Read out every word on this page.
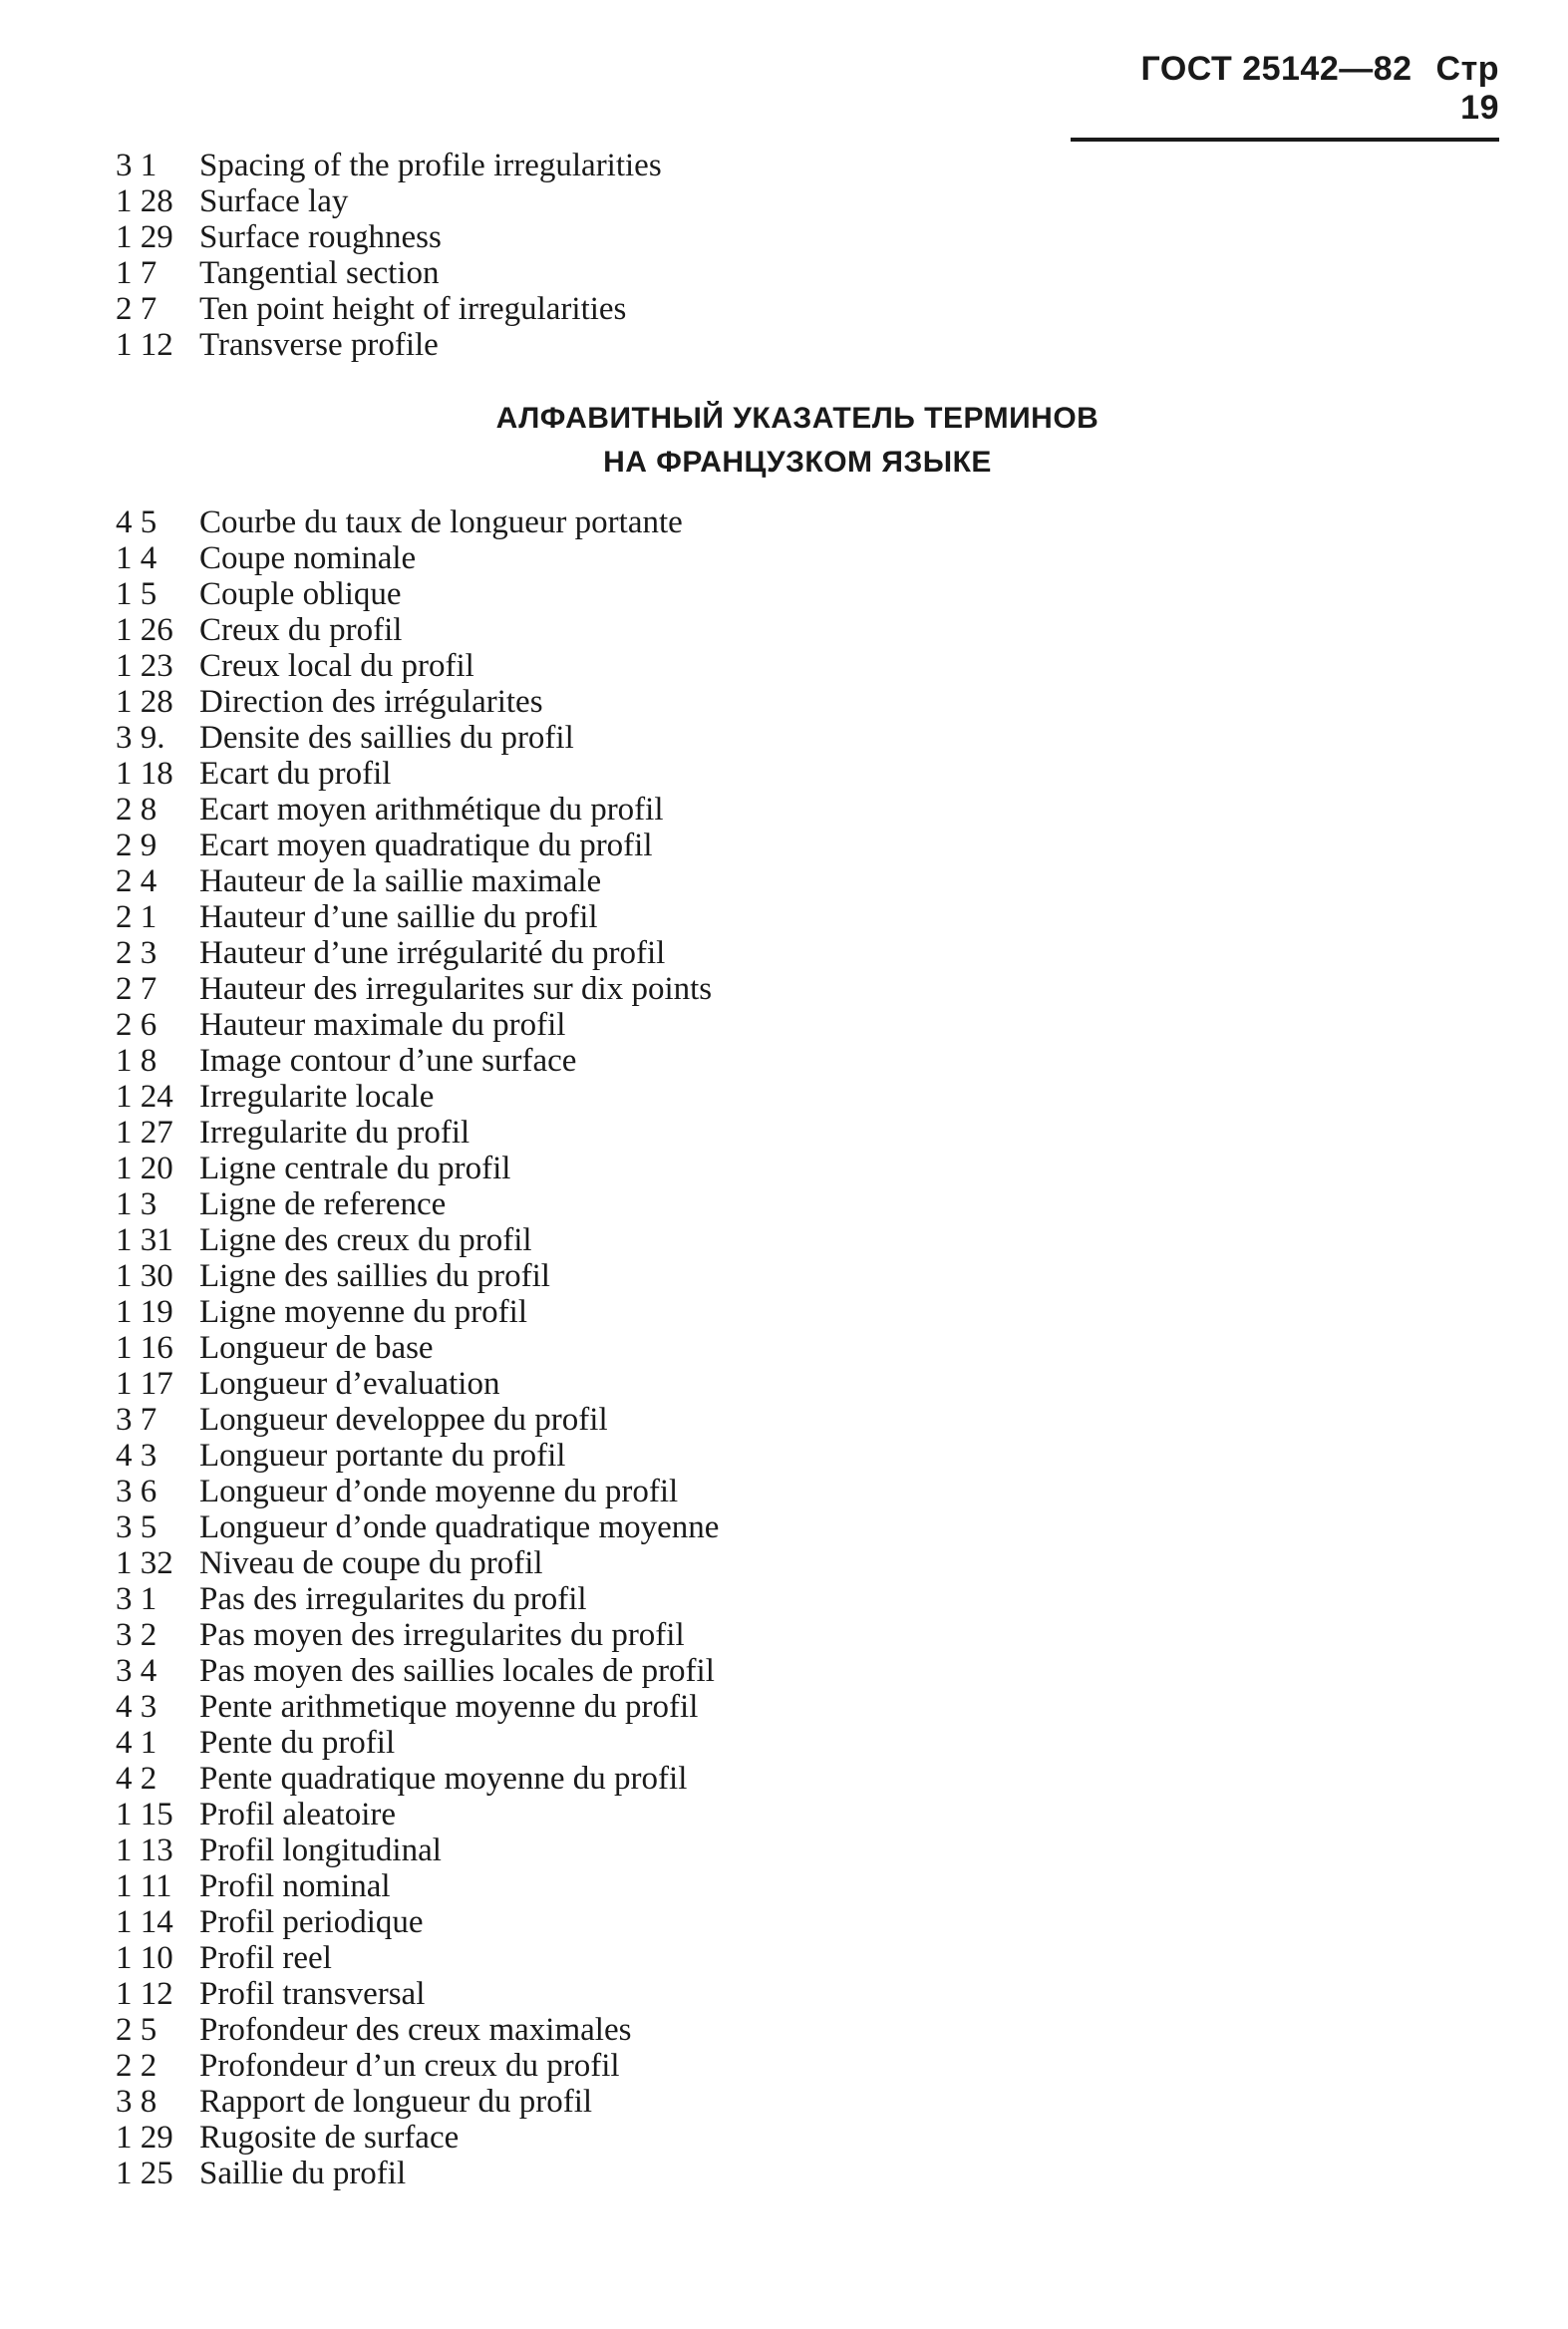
ГОСТ 25142—82 Стр 19
3 1	Spacing of the profile irregularities
1 28 Surface lay
1 29 Surface roughness
1 7	Tangential section
2 7	Ten point height of irregularities
1 12 Transverse profile
АЛФАВИТНЫЙ УКАЗАТЕЛЬ ТЕРМИНОВ
НА ФРАНЦУЗКОМ ЯЗЫКЕ
4 5	Courbe du taux de longueur portante
1 4	Coupe nominale
1 5	Couple oblique
1 26 Creux du profil
1 23 Creux local du profil
1 28 Direction des irrégularites
3 9.	Densite des saillies du profil
1 18 Ecart du profil
2 8	Ecart moyen arithmétique du profil
2 9	Ecart moyen quadratique du profil
2 4	Hauteur de la saillie maximale
2 1	Hauteur d’une saillie du profil
2 3	Hauteur d’une irrégularité du profil
2 7	Hauteur des irregularites sur dix points
2 6	Hauteur maximale du profil
1 8	Image contour d’une surface
1 24 Irregularite locale
1 27 Irregularite du profil
1 20 Ligne centrale du profil
1 3	Ligne de reference
1 31 Ligne des creux du profil
1 30 Ligne des saillies du profil
1 19 Ligne moyenne du profil
1 16 Longueur de base
1 17 Longueur d’evaluation
3 7	Longueur developpee du profil
4 3	Longueur portante du profil
3 6	Longueur d’onde moyenne du profil
3 5	Longueur d’onde quadratique moyenne
1 32 Niveau de coupe du profil
3 1	Pas des irregularites du profil
3 2	Pas moyen des irregularites du profil
3 4	Pas moyen des saillies locales de profil
4 3	Pente arithmetique moyenne du profil
4 1	Pente du profil
4 2	Pente quadratique moyenne du profil
1 15 Profil aleatoire
1 13 Profil longitudinal
1 11 Profil nominal
1 14 Profil periodique
1 10 Profil reel
1 12 Profil transversal
2 5	Profondeur des creux maximales
2 2	Profondeur d’un creux du profil
3 8	Rapport de longueur du profil
1 29 Rugosite de surface
1 25 Saillie du profil
